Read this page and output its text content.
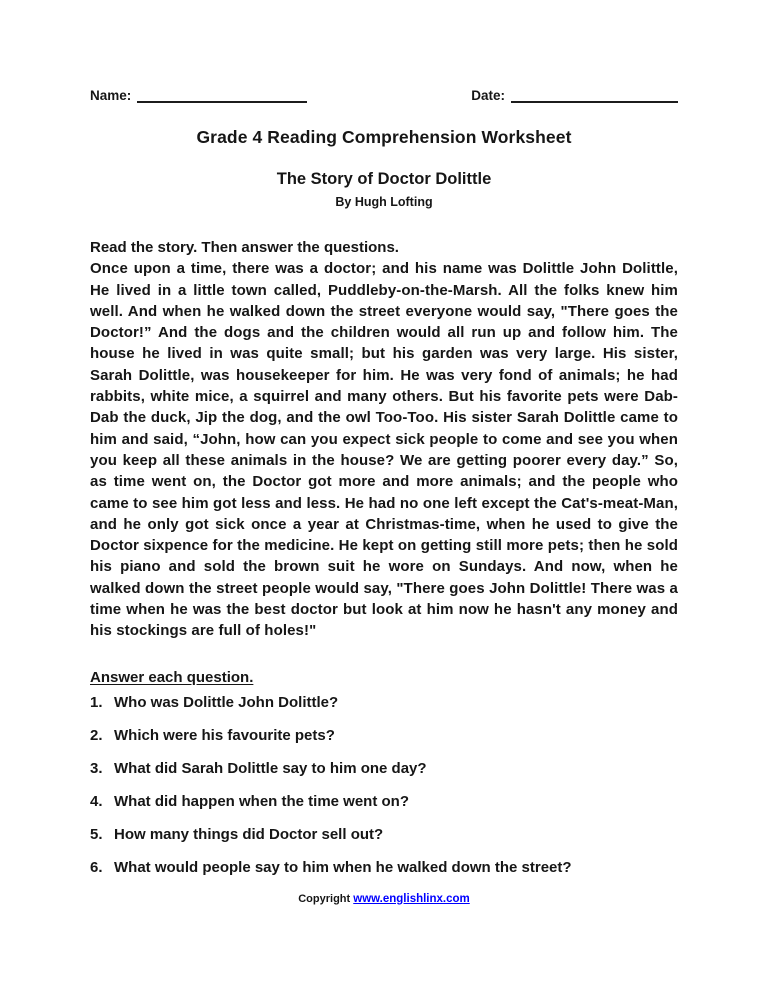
Name:	Date:
Grade 4 Reading Comprehension Worksheet
The Story of Doctor Dolittle
By Hugh Lofting
Read the story. Then answer the questions.

Once upon a time, there was a doctor; and his name was Dolittle John Dolittle, He lived in a little town called, Puddleby-on-the-Marsh. All the folks knew him well. And when he walked down the street everyone would say, "There goes the Doctor!” And the dogs and the children would all run up and follow him. The house he lived in was quite small; but his garden was very large. His sister, Sarah Dolittle, was housekeeper for him. He was very fond of animals; he had rabbits, white mice, a squirrel and many others. But his favorite pets were Dab-Dab the duck, Jip the dog, and the owl Too-Too. His sister Sarah Dolittle came to him and said, “John, how can you expect sick people to come and see you when you keep all these animals in the house? We are getting poorer every day.” So, as time went on, the Doctor got more and more animals; and the people who came to see him got less and less. He had no one left except the Cat's-meat-Man, and he only got sick once a year at Christmas-time, when he used to give the Doctor sixpence for the medicine. He kept on getting still more pets; then he sold his piano and sold the brown suit he wore on Sundays. And now, when he walked down the street people would say, "There goes John Dolittle! There was a time when he was the best doctor but look at him now he hasn't any money and his stockings are full of holes!"

Answer each question.
1. Who was Dolittle John Dolittle?
2. Which were his favourite pets?
3. What did Sarah Dolittle say to him one day?
4. What did happen when the time went on?
5. How many things did Doctor sell out?
6. What would people say to him when he walked down the street?
Copyright www.englishlinx.com
